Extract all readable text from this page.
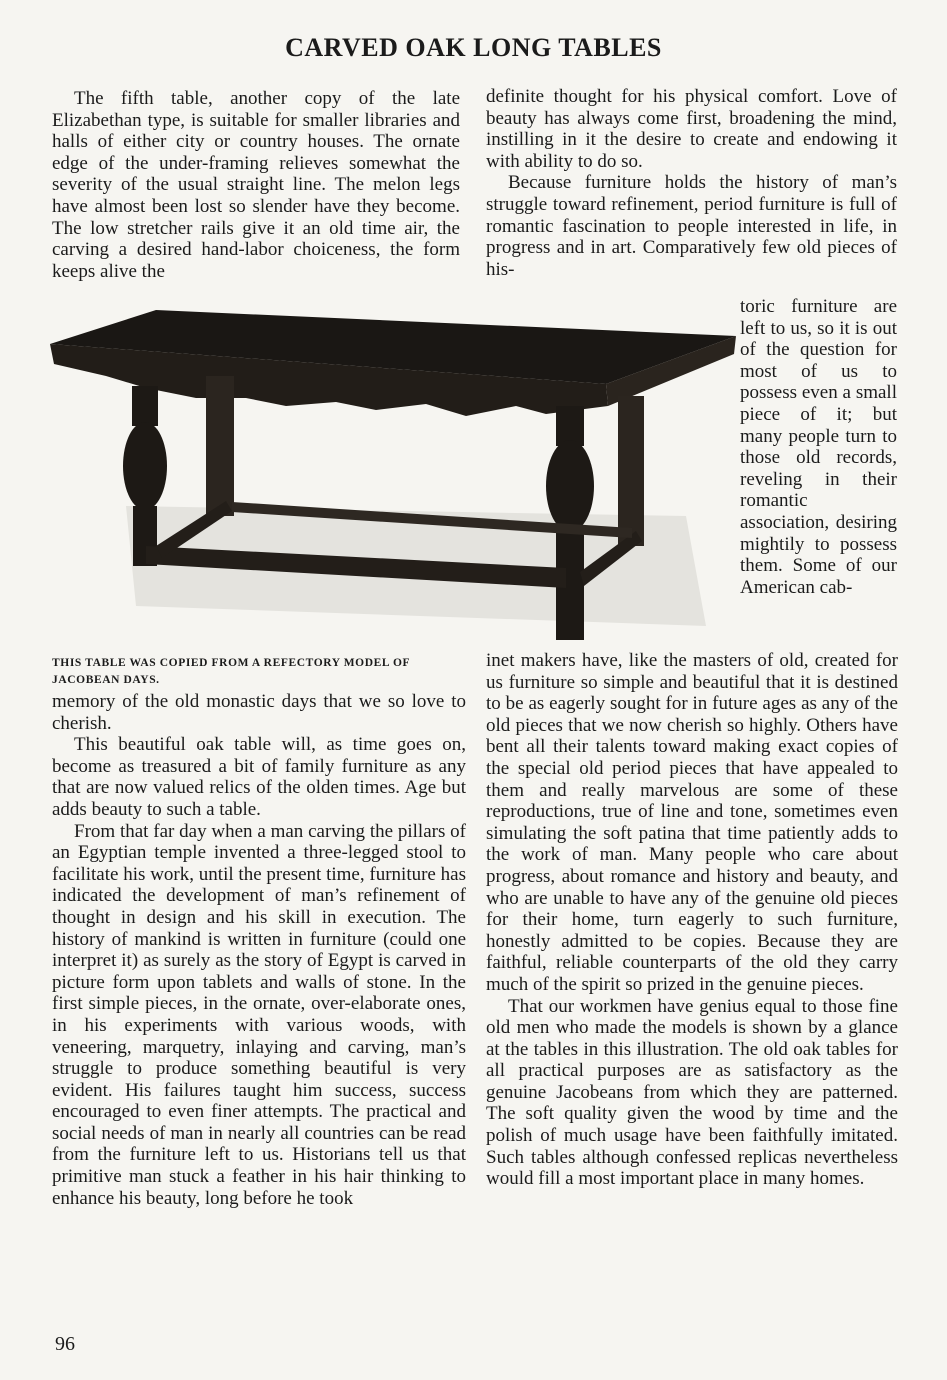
CARVED OAK LONG TABLES

The fifth table, another copy of the late Elizabethan type, is suitable for smaller libraries and halls of either city or country houses. The ornate edge of the under-framing relieves somewhat the severity of the usual straight line. The melon legs have almost been lost so slender have they become. The low stretcher rails give it an old time air, the carving a desired hand-labor choiceness, the form keeps alive the

THIS TABLE WAS COPIED FROM A REFECTORY MODEL OF JACOBEAN DAYS.

memory of the old monastic days that we so love to cherish.

This beautiful oak table will, as time goes on, become as treasured a bit of family furniture as any that are now valued relics of the olden times. Age but adds beauty to such a table.

From that far day when a man carving the pillars of an Egyptian temple invented a three-legged stool to facilitate his work, until the present time, furniture has indicated the development of man’s refinement of thought in design and his skill in execution. The history of mankind is written in furniture (could one interpret it) as surely as the story of Egypt is carved in picture form upon tablets and walls of stone. In the first simple pieces, in the ornate, over-elaborate ones, in his experiments with various woods, with veneering, marquetry, inlaying and carving, man’s struggle to produce something beautiful is very evident. His failures taught him success, success encouraged to even finer attempts. The practical and social needs of man in nearly all countries can be read from the furniture left to us. Historians tell us that primitive man stuck a feather in his hair thinking to enhance his beauty, long before he took

definite thought for his physical comfort. Love of beauty has always come first, broadening the mind, instilling in it the desire to create and endowing it with ability to do so.

Because furniture holds the history of man’s struggle toward refinement, period furniture is full of romantic fascination to people interested in life, in progress and in art. Comparatively few old pieces of his-

toric furniture are left to us, so it is out of the question for most of us to possess even a small piece of it; but many people turn to those old records, reveling in their romantic association, desiring mightily to possess them. Some of our American cab-

inet makers have, like the masters of old, created for us furniture so simple and beautiful that it is destined to be as eagerly sought for in future ages as any of the old pieces that we now cherish so highly. Others have bent all their talents toward making exact copies of the special old period pieces that have appealed to them and really marvelous are some of these reproductions, true of line and tone, sometimes even simulating the soft patina that time patiently adds to the work of man. Many people who care about progress, about romance and history and beauty, and who are unable to have any of the genuine old pieces for their home, turn eagerly to such furniture, honestly admitted to be copies. Because they are faithful, reliable counterparts of the old they carry much of the spirit so prized in the genuine pieces.

That our workmen have genius equal to those fine old men who made the models is shown by a glance at the tables in this illustration. The old oak tables for all practical purposes are as satisfactory as the genuine Jacobeans from which they are patterned. The soft quality given the wood by time and the polish of much usage have been faithfully imitated. Such tables although confessed replicas nevertheless would fill a most important place in many homes.

96
